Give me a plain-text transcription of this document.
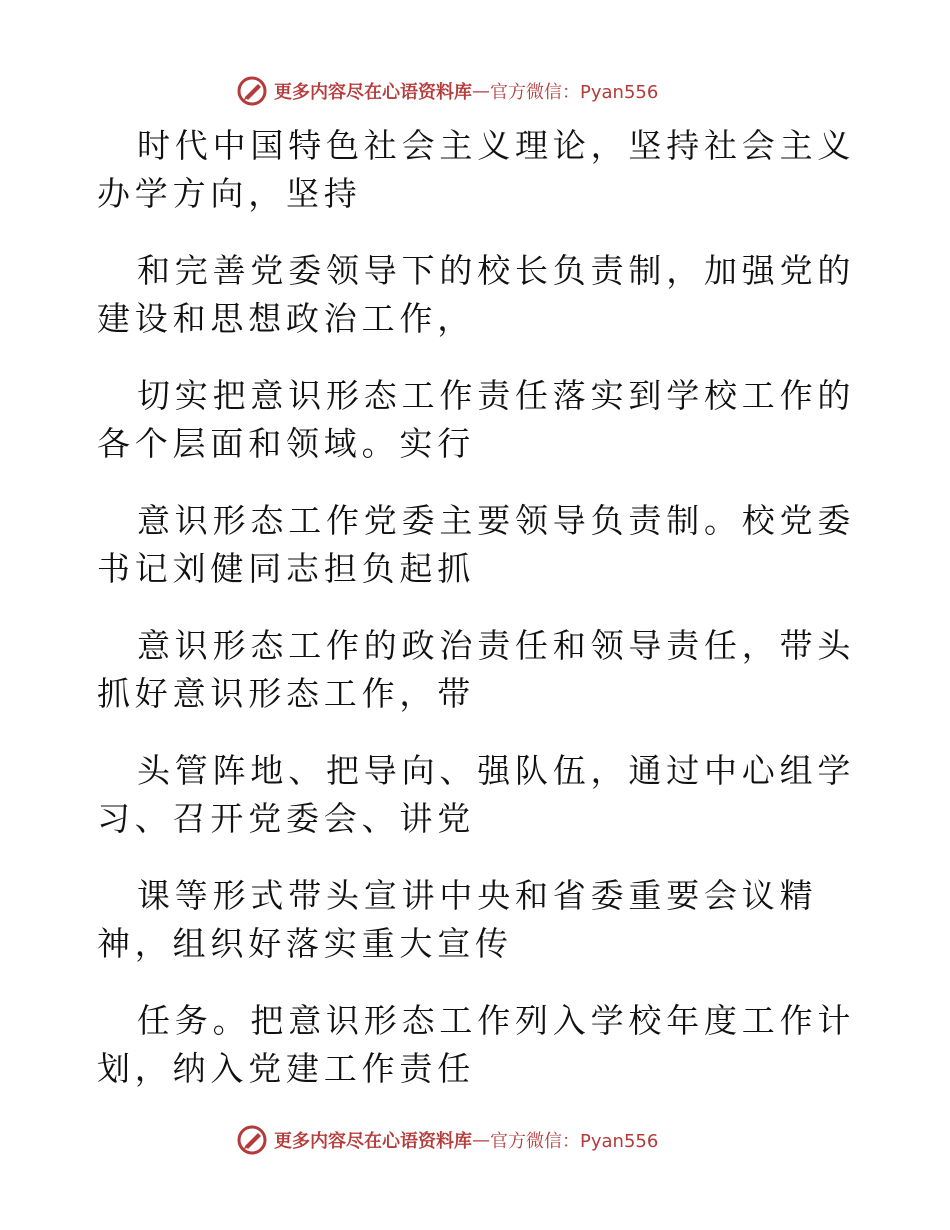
更多内容尽在心语资料库 — 官方微信：Pyan556

时代中国特色社会主义理论，坚持社会主义办学方向，坚持

和完善党委领导下的校长负责制，加强党的建设和思想政治工作，

切实把意识形态工作责任落实到学校工作的各个层面和领域。实行

意识形态工作党委主要领导负责制。校党委书记刘健同志担负起抓

意识形态工作的政治责任和领导责任，带头抓好意识形态工作，带

头管阵地、把导向、强队伍，通过中心组学习、召开党委会、讲党

课等形式带头宣讲中央和省委重要会议精神，组织好落实重大宣传

任务。把意识形态工作列入学校年度工作计划，纳入党建工作责任

更多内容尽在心语资料库 — 官方微信：Pyan556
